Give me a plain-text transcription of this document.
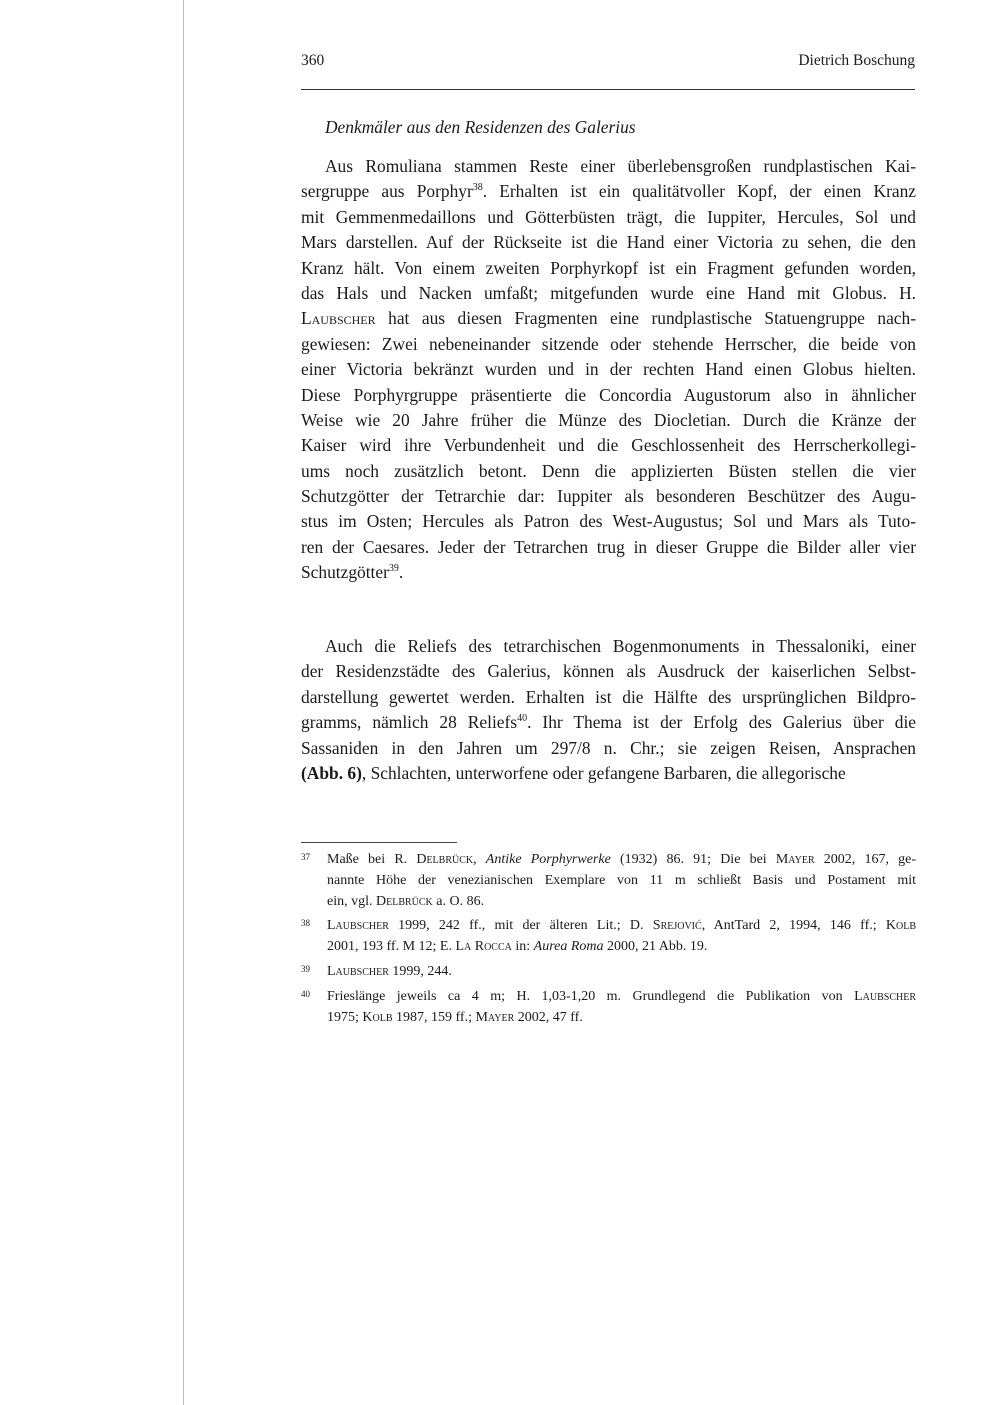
360	Dietrich Boschung
Denkmäler aus den Residenzen des Galerius
Aus Romuliana stammen Reste einer überlebensgroßen rundplastischen Kai-
sergruppe aus Porphyr$^{38}$. Erhalten ist ein qualitätvoller Kopf, der einen Kranz
mit Gemmenmedaillons und Götterbüsten trägt, die Iuppiter, Hercules, Sol und
Mars darstellen. Auf der Rückseite ist die Hand einer Victoria zu sehen, die den
Kranz hält. Von einem zweiten Porphyrkopf ist ein Fragment gefunden worden,
das Hals und Nacken umfaßt; mitgefunden wurde eine Hand mit Globus. H.
Laubscher hat aus diesen Fragmenten eine rundplastische Statuengruppe nach-
gewiesen: Zwei nebeneinander sitzende oder stehende Herrscher, die beide von
einer Victoria bekränzt wurden und in der rechten Hand einen Globus hielten.
Diese Porphyrgruppe präsentierte die Concordia Augustorum also in ähnlicher
Weise wie 20 Jahre früher die Münze des Diocletian. Durch die Kränze der
Kaiser wird ihre Verbundenheit und die Geschlossenheit des Herrscherkollegi-
ums noch zusätzlich betont. Denn die applizierten Büsten stellen die vier
Schutzgötter der Tetrarchie dar: Iuppiter als besonderen Beschützer des Augu-
stus im Osten; Hercules als Patron des West-Augustus; Sol und Mars als Tuto-
ren der Caesares. Jeder der Tetrarchen trug in dieser Gruppe die Bilder aller vier
Schutzgötter$^{39}$.
Auch die Reliefs des tetrarchischen Bogenmonuments in Thessaloniki, einer
der Residenzstädte des Galerius, können als Ausdruck der kaiserlichen Selbst-
darstellung gewertet werden. Erhalten ist die Hälfte des ursprünglichen Bildpro-
gramms, nämlich 28 Reliefs$^{40}$. Ihr Thema ist der Erfolg des Galerius über die
Sassaniden in den Jahren um 297/8 n. Chr.; sie zeigen Reisen, Ansprachen
(Abb. 6), Schlachten, unterworfene oder gefangene Barbaren, die allegorische
37 Maße bei R. Delbrück, Antike Porphyrwerke (1932) 86. 91; Die bei Mayer 2002, 167, ge-
nannte Höhe der venezianischen Exemplare von 11 m schließt Basis und Postament mit
ein, vgl. Delbrück a. O. 86.
38 Laubscher 1999, 242 ff., mit der älteren Lit.; D. Srejović, AntTard 2, 1994, 146 ff.; Kolb
2001, 193 ff. M 12; E. La Rocca in: Aurea Roma 2000, 21 Abb. 19.
39 Laubscher 1999, 244.
40 Frieslänge jeweils ca 4 m; H. 1,03-1,20 m. Grundlegend die Publikation von Laubscher
1975; Kolb 1987, 159 ff.; Mayer 2002, 47 ff.
